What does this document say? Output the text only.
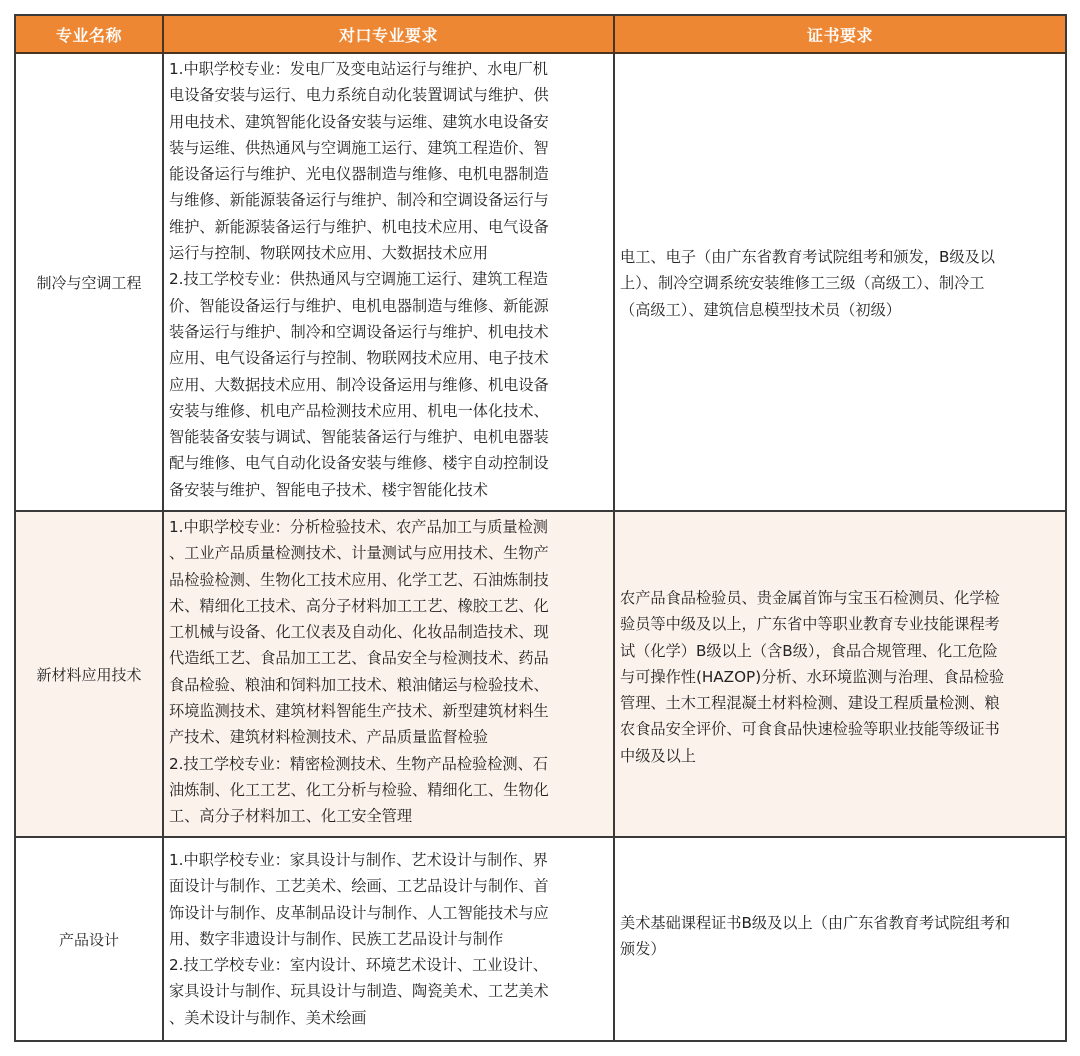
专业名称	对口专业要求	证书要求
制冷与空调工程
1.中职学校专业：发电厂及变电站运行与维护、水电厂机
电设备安装与运行、电力系统自动化装置调试与维护、供
用电技术、建筑智能化设备安装与运维、建筑水电设备安
装与运维、供热通风与空调施工运行、建筑工程造价、智
能设备运行与维护、光电仪器制造与维修、电机电器制造
与维修、新能源装备运行与维护、制冷和空调设备运行与
维护、新能源装备运行与维护、机电技术应用、电气设备
运行与控制、物联网技术应用、大数据技术应用
2.技工学校专业：供热通风与空调施工运行、建筑工程造
价、智能设备运行与维护、电机电器制造与维修、新能源
装备运行与维护、制冷和空调设备运行与维护、机电技术
应用、电气设备运行与控制、物联网技术应用、电子技术
应用、大数据技术应用、制冷设备运用与维修、机电设备
安装与维修、机电产品检测技术应用、机电一体化技术、
智能装备安装与调试、智能装备运行与维护、电机电器装
配与维修、电气自动化设备安装与维修、楼宇自动控制设
备安装与维护、智能电子技术、楼宇智能化技术
电工、电子（由广东省教育考试院组考和颁发，B级及以
上）、制冷空调系统安装维修工三级（高级工）、制冷工
（高级工）、建筑信息模型技术员（初级）
新材料应用技术
1.中职学校专业：分析检验技术、农产品加工与质量检测
、工业产品质量检测技术、计量测试与应用技术、生物产
品检验检测、生物化工技术应用、化学工艺、石油炼制技
术、精细化工技术、高分子材料加工工艺、橡胶工艺、化
工机械与设备、化工仪表及自动化、化妆品制造技术、现
代造纸工艺、食品加工工艺、食品安全与检测技术、药品
食品检验、粮油和饲料加工技术、粮油储运与检验技术、
环境监测技术、建筑材料智能生产技术、新型建筑材料生
产技术、建筑材料检测技术、产品质量监督检验
2.技工学校专业：精密检测技术、生物产品检验检测、石
油炼制、化工工艺、化工分析与检验、精细化工、生物化
工、高分子材料加工、化工安全管理
农产品食品检验员、贵金属首饰与宝玉石检测员、化学检
验员等中级及以上，广东省中等职业教育专业技能课程考
试（化学）B级以上（含B级），食品合规管理、化工危险
与可操作性(HAZOP)分析、水环境监测与治理、食品检验
管理、土木工程混凝土材料检测、建设工程质量检测、粮
农食品安全评价、可食食品快速检验等职业技能等级证书
中级及以上
产品设计
1.中职学校专业：家具设计与制作、艺术设计与制作、界
面设计与制作、工艺美术、绘画、工艺品设计与制作、首
饰设计与制作、皮革制品设计与制作、人工智能技术与应
用、数字非遗设计与制作、民族工艺品设计与制作
2.技工学校专业：室内设计、环境艺术设计、工业设计、
家具设计与制作、玩具设计与制造、陶瓷美术、工艺美术
、美术设计与制作、美术绘画
美术基础课程证书B级及以上（由广东省教育考试院组考和
颁发）
